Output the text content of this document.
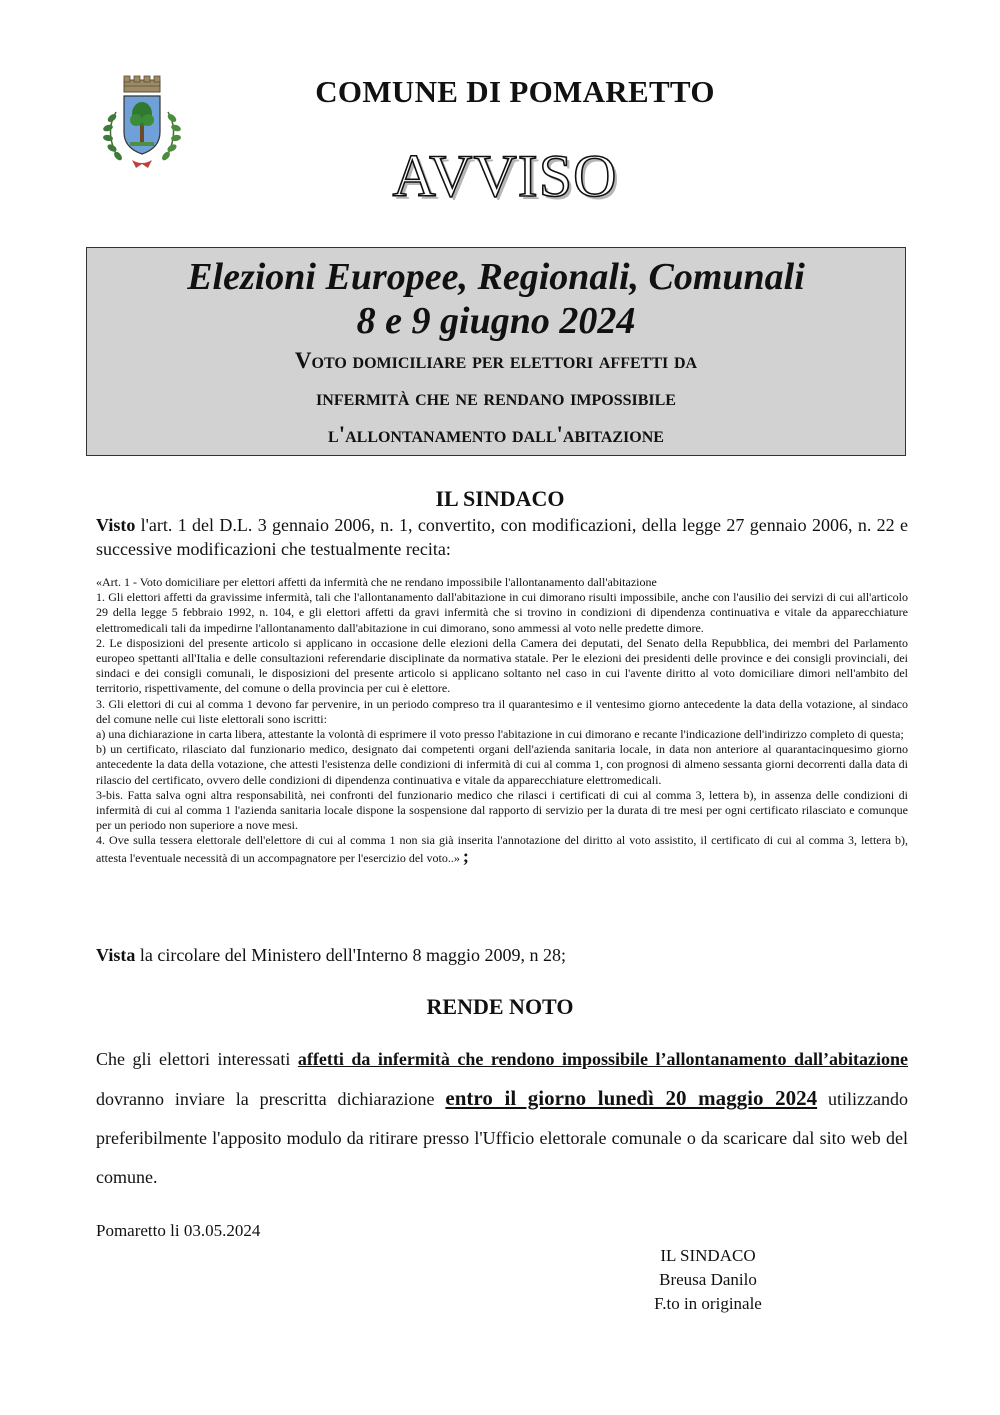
COMUNE DI POMARETTO
AVVISO
Elezioni Europee, Regionali, Comunali
8 e 9 giugno 2024
Voto domiciliare per elettori affetti da
infermità che ne rendano impossibile
l'allontanamento dall'abitazione
IL SINDACO
Visto l'art. 1 del D.L. 3 gennaio 2006, n. 1, convertito, con modificazioni, della legge 27 gennaio 2006, n. 22 e successive modificazioni che testualmente recita:

«Art. 1 - Voto domiciliare per elettori affetti da infermità che ne rendano impossibile l'allontanamento dall'abitazione

1. Gli elettori affetti da gravissime infermità, tali che l'allontanamento dall'abitazione in cui dimorano risulti impossibile, anche con l'ausilio dei servizi di cui all'articolo 29 della legge 5 febbraio 1992, n. 104, e gli elettori affetti da gravi infermità che si trovino in condizioni di dipendenza continuativa e vitale da apparecchiature elettromedicali tali da impedirne l'allontanamento dall'abitazione in cui dimorano, sono ammessi al voto nelle predette dimore.

2. Le disposizioni del presente articolo si applicano in occasione delle elezioni della Camera dei deputati, del Senato della Repubblica, dei membri del Parlamento europeo spettanti all'Italia e delle consultazioni referendarie disciplinate da normativa statale. Per le elezioni dei presidenti delle province e dei consigli provinciali, dei sindaci e dei consigli comunali, le disposizioni del presente articolo si applicano soltanto nel caso in cui l'avente diritto al voto domiciliare dimori nell'ambito del territorio, rispettivamente, del comune o della provincia per cui è elettore.

3. Gli elettori di cui al comma 1 devono far pervenire, in un periodo compreso tra il quarantesimo e il ventesimo giorno antecedente la data della votazione, al sindaco del comune nelle cui liste elettorali sono iscritti:

a) una dichiarazione in carta libera, attestante la volontà di esprimere il voto presso l'abitazione in cui dimorano e recante l'indicazione dell'indirizzo completo di questa;

b) un certificato, rilasciato dal funzionario medico, designato dai competenti organi dell'azienda sanitaria locale, in data non anteriore al quarantacinquesimo giorno antecedente la data della votazione, che attesti l'esistenza delle condizioni di infermità di cui al comma 1, con prognosi di almeno sessanta giorni decorrenti dalla data di rilascio del certificato, ovvero delle condizioni di dipendenza continuativa e vitale da apparecchiature elettromedicali.

3-bis. Fatta salva ogni altra responsabilità, nei confronti del funzionario medico che rilasci i certificati di cui al comma 3, lettera b), in assenza delle condizioni di infermità di cui al comma 1 l'azienda sanitaria locale dispone la sospensione dal rapporto di servizio per la durata di tre mesi per ogni certificato rilasciato e comunque per un periodo non superiore a nove mesi.

4. Ove sulla tessera elettorale dell'elettore di cui al comma 1 non sia già inserita l'annotazione del diritto al voto assistito, il certificato di cui al comma 3, lettera b), attesta l'eventuale necessità di un accompagnatore per l'esercizio del voto..» ;

Vista la circolare del Ministero dell'Interno 8 maggio 2009, n 28;
RENDE NOTO
Che gli elettori interessati affetti da infermità che rendono impossibile l’allontanamento dall’abitazione dovranno inviare la prescritta dichiarazione entro il giorno lunedì 20 maggio 2024 utilizzando preferibilmente l'apposito modulo da ritirare presso l'Ufficio elettorale comunale o da scaricare dal sito web del comune.
Pomaretto li 03.05.2024
IL SINDACO
Breusa Danilo
F.to in originale
